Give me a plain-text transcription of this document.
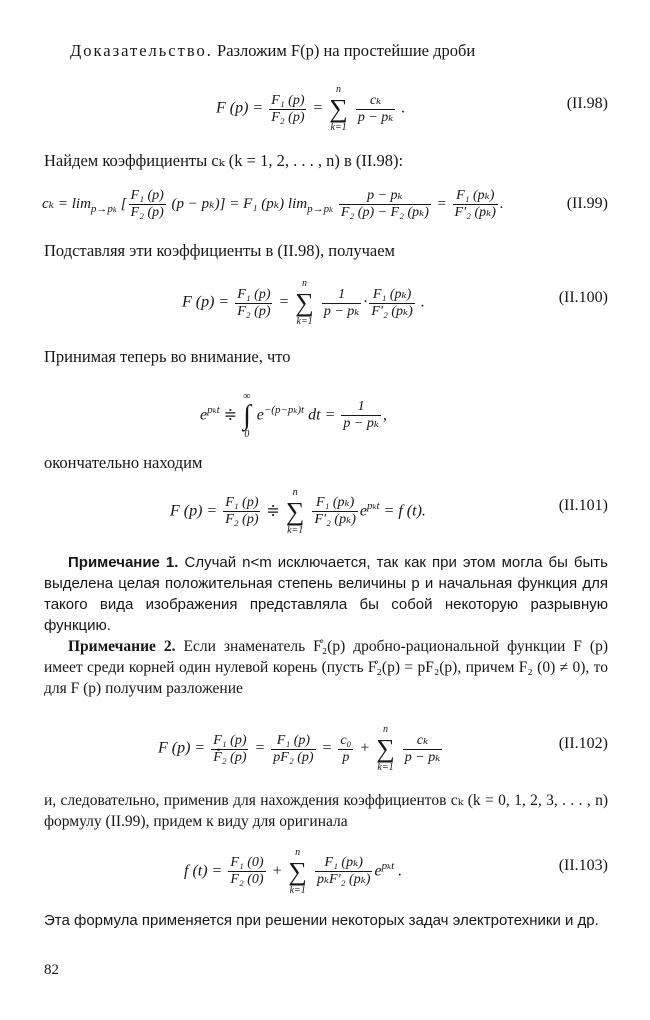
Доказательство. Разложим F(p) на простейшие дроби
F $(p) = \frac{\text{F₁ (p)}}{\text{F₂ (p)}}$ =
n
∑
k=1

$\frac{\text{cₖ}}{\text{p − pₖ}}$ .	(II.98)
Найдем коэффициенты cₖ (k = 1, 2, . . . , n) в (II.98):
$c_k = \lim_{p\to p_k}$ [ $\frac{\text{F₁ (p)}}{\text{F₂ (p)}} (p - p_k)] = F_1$ (pₖ) $\lim_{p\to p_k} \frac{\text{p − pₖ}}{\text{F₂ (p) − F₂ (pₖ)}} = \frac{\text{F₁ (pₖ)}}{\text{F′₂ (pₖ)}}$ .	(II.99)
Подставляя эти коэффициенты в (II.98), получаем
F $(p) = \frac{\text{F₁ (p)}}{\text{F₂ (p)}}$ =
n
∑
k=1

$\frac{1}{\text{p − pₖ}} \cdot \frac{\text{F₁ (pₖ)}}{\text{F′₂ (pₖ)}}$ .	(II.100)
Принимая теперь во внимание, что
$e^{p_kt}$ ≑
∞
∫
0
$e^{-(p-p_k)t}$ dt = $\frac{1}{\text{p − pₖ}}$ ,
окончательно находим
F $(p) = \frac{\text{F₁ (p)}}{\text{F₂ (p)}}$ ≑
n
∑
k=1

$\frac{\text{F₁ (pₖ)}}{\text{F′₂ (pₖ)}} e^{p_kt} = f$ (t).	(II.101)
Примечание 1. Случай n<m исключается, так как при этом могла бы быть выделена целая положительная степень величины p и начальная функция для такого вида изображения представляла бы собой некоторую разрывную функцию.
Примечание 2. Если знаменатель F̊₂(p) дробно-рациональной функции F (p) имеет среди корней один нулевой корень (пусть F̊₂(p) = pF₂(p), причем F₂ (0) ≠ 0), то для F (p) получим разложение
F $(p) = \frac{\text{F₁ (p)}}{\text{F̊₂ (p)}} = \frac{\text{F₁ (p)}}{\text{pF₂ (p)}} = \frac{\text{c₀}}{p}$ +
n
∑
k=1

$\frac{\text{cₖ}}{\text{p − pₖ}}$	(II.102)
и, следовательно, применив для нахождения коэффициентов cₖ (k = 0, 1, 2, 3, . . . , n) формулу (II.99), придем к виду для оригинала
f $(t) = \frac{\text{F₁ (0)}}{\text{F₂ (0)}}$ +
n
∑
k=1

$\frac{\text{F₁ (pₖ)}}{\text{pₖF′₂ (pₖ)}} e^{p_kt}$ .	(II.103)
Эта формула применяется при решении некоторых задач электротехники и др.
82
